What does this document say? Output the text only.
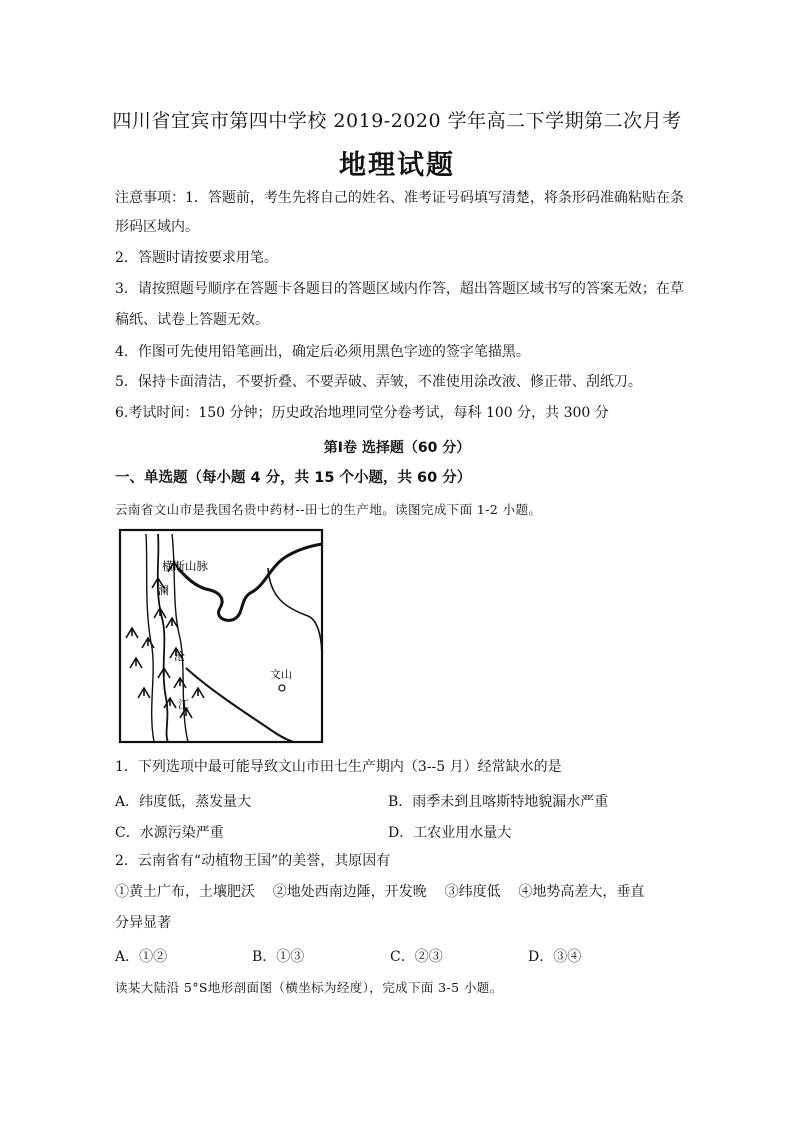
四川省宜宾市第四中学校 2019-2020 学年高二下学期第二次月考
地理试题
注意事项：1．答题前，考生先将自己的姓名、准考证号码填写清楚，将条形码准确粘贴在条
形码区域内。
2．答题时请按要求用笔。
3．请按照题号顺序在答题卡各题目的答题区域内作答，超出答题区域书写的答案无效；在草
稿纸、试卷上答题无效。
4．作图可先使用铅笔画出，确定后必须用黑色字迹的签字笔描黑。
5．保持卡面清洁，不要折叠、不要弄破、弄皱，不准使用涂改液、修正带、刮纸刀。
6.考试时间：150 分钟；历史政治地理同堂分卷考试，每科 100 分，共 300 分
第Ⅰ卷 选择题（60 分）
一、单选题（每小题 4 分，共 15 个小题，共 60 分）
云南省文山市是我国名贵中药材--田七的生产地。读图完成下面 1-2 小题。
横断山脉
澜
沧
江
文山
1．下列选项中最可能导致文山市田七生产期内（3--5 月）经常缺水的是
A．纬度低，蒸发量大	B．雨季未到且喀斯特地貌漏水严重
C．水源污染严重	D．工农业用水量大
2．云南省有“动植物王国”的美誉，其原因有
①黄土广布，土壤肥沃    ②地处西南边陲，开发晚    ③纬度低    ④地势高差大，垂直
分异显著
A．①②	B．①③	C．②③	D．③④
读某大陆沿 5°S地形剖面图（横坐标为经度），完成下面 3-5 小题。
